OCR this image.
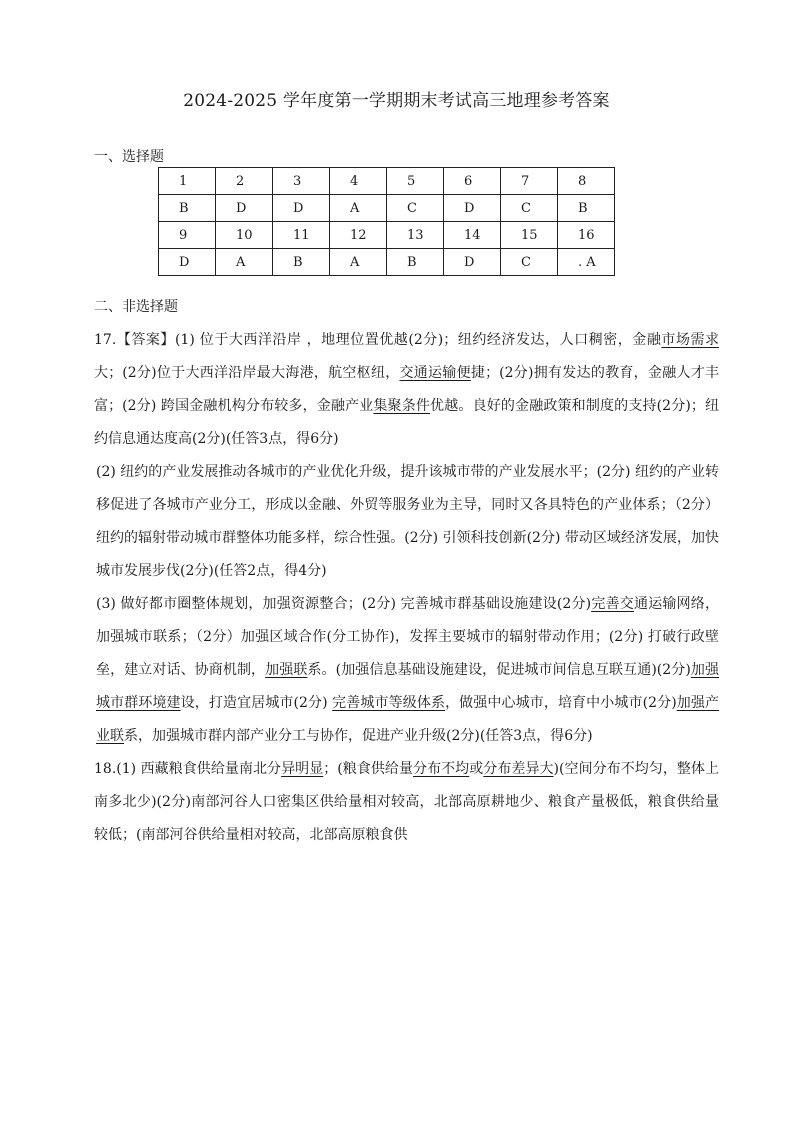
2024-2025 学年度第一学期期末考试高三地理参考答案
一、选择题
1	2	3	4	5	6	7	8
B	D	D	A	C	D	C	B
9	10	11	12	13	14	15	16
D	A	B	A	B	D	C	. A
二、非选择题

17.【答案】(1) 位于大西洋沿岸 ，地理位置优越(2分)；纽约经济发达，人口稠密，金融市场需求大；(2分)位于大西洋沿岸最大海港，航空枢纽，交通运输便捷；(2分)拥有发达的教育，金融人才丰富；(2分) 跨国金融机构分布较多，金融产业集聚条件优越。良好的金融政策和制度的支持(2分)；纽约信息通达度高(2分)(任答3点，得6分)

(2) 纽约的产业发展推动各城市的产业优化升级，提升该城市带的产业发展水平；(2分) 纽约的产业转移促进了各城市产业分工，形成以金融、外贸等服务业为主导，同时又各具特色的产业体系；（2分）纽约的辐射带动城市群整体功能多样，综合性强。(2分) 引领科技创新(2分) 带动区域经济发展，加快城市发展步伐(2分)(任答2点，得4分)

(3) 做好都市圈整体规划，加强资源整合；(2分) 完善城市群基础设施建设(2分)完善交通运输网络，加强城市联系；（2分）加强区域合作(分工协作)，发挥主要城市的辐射带动作用；(2分) 打破行政壁垒，建立对话、协商机制，加强联系。(加强信息基础设施建设，促进城市间信息互联互通)(2分)加强城市群环境建设，打造宜居城市(2分) 完善城市等级体系，做强中心城市，培育中小城市(2分)加强产业联系，加强城市群内部产业分工与协作，促进产业升级(2分)(任答3点，得6分)

18.(1) 西藏粮食供给量南北分异明显；(粮食供给量分布不均或分布差异大)(空间分布不均匀，整体上南多北少)(2分)南部河谷人口密集区供给量相对较高，北部高原耕地少、粮食产量极低，粮食供给量较低；(南部河谷供给量相对较高，北部高原粮食供
